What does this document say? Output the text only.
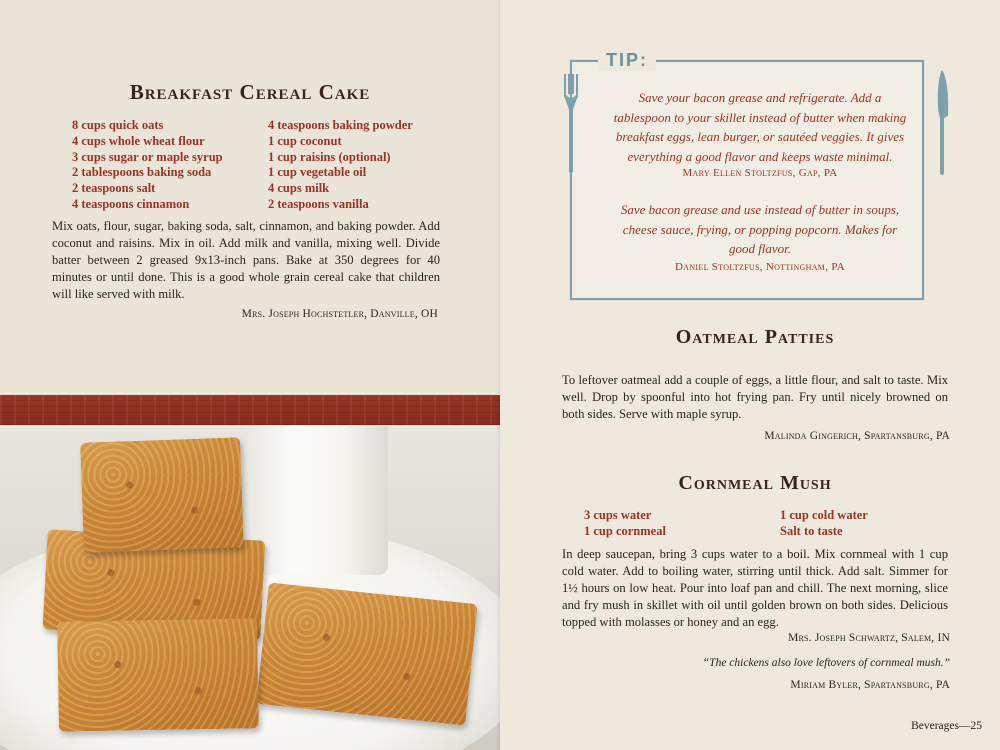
Breakfast Cereal Cake
8 cups quick oats
4 cups whole wheat flour
3 cups sugar or maple syrup
2 tablespoons baking soda
2 teaspoons salt
4 teaspoons cinnamon
4 teaspoons baking powder
1 cup coconut
1 cup raisins (optional)
1 cup vegetable oil
4 cups milk
2 teaspoons vanilla

Mix oats, flour, sugar, baking soda, salt, cinnamon, and baking powder. Add coconut and raisins. Mix in oil. Add milk and vanilla, mixing well. Divide batter between 2 greased 9x13-inch pans. Bake at 350 degrees for 40 minutes or until done. This is a good whole grain cereal cake that children will like served with milk.

Mrs. Joseph Hochstetler, Danville, OH
TIP:

Save your bacon grease and refrigerate. Add a tablespoon to your skillet instead of butter when making breakfast eggs, lean burger, or sautéed veggies. It gives everything a good flavor and keeps waste minimal.

Mary Ellen Stoltzfus, Gap, PA

Save bacon grease and use instead of butter in soups, cheese sauce, frying, or popping popcorn. Makes for good flavor.

Daniel Stoltzfus, Nottingham, PA
Oatmeal Patties

To leftover oatmeal add a couple of eggs, a little flour, and salt to taste. Mix well. Drop by spoonful into hot frying pan. Fry until nicely browned on both sides. Serve with maple syrup.

Malinda Gingerich, Spartansburg, PA
Cornmeal Mush
3 cups water
1 cup cornmeal
1 cup cold water
Salt to taste

In deep saucepan, bring 3 cups water to a boil. Mix cornmeal with 1 cup cold water. Add to boiling water, stirring until thick. Add salt. Simmer for 1½ hours on low heat. Pour into loaf pan and chill. The next morning, slice and fry mush in skillet with oil until golden brown on both sides. Delicious topped with molasses or honey and an egg.

Mrs. Joseph Schwartz, Salem, IN
“The chickens also love leftovers of cornmeal mush.”
Miriam Byler, Spartansburg, PA
Beverages—25
